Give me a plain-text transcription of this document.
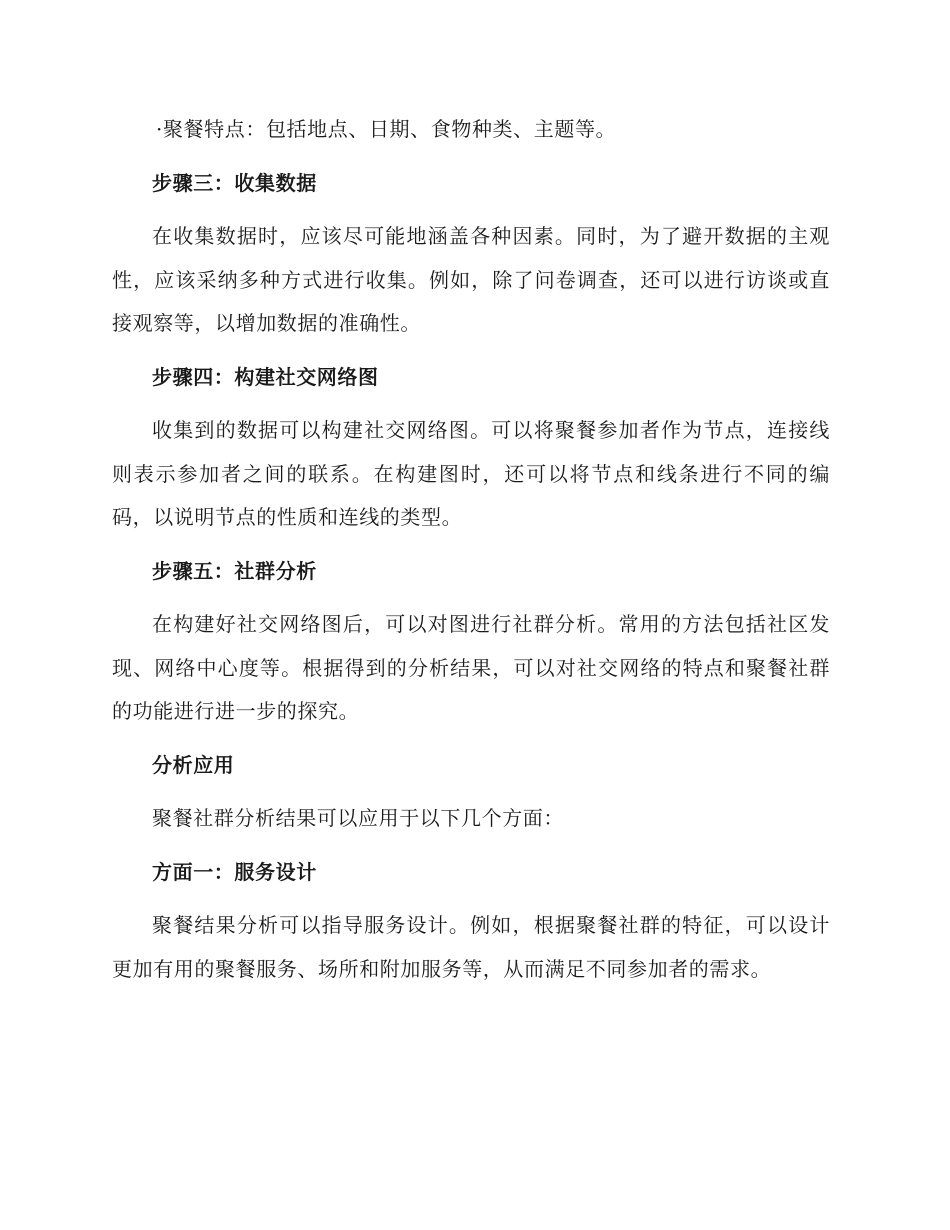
·聚餐特点：包括地点、日期、食物种类、主题等。

步骤三：收集数据

在收集数据时，应该尽可能地涵盖各种因素。同时，为了避开数据的主观性，应该采纳多种方式进行收集。例如，除了问卷调查，还可以进行访谈或直接观察等，以增加数据的准确性。

步骤四：构建社交网络图

收集到的数据可以构建社交网络图。可以将聚餐参加者作为节点，连接线则表示参加者之间的联系。在构建图时，还可以将节点和线条进行不同的编码，以说明节点的性质和连线的类型。

步骤五：社群分析

在构建好社交网络图后，可以对图进行社群分析。常用的方法包括社区发现、网络中心度等。根据得到的分析结果，可以对社交网络的特点和聚餐社群的功能进行进一步的探究。

分析应用

聚餐社群分析结果可以应用于以下几个方面：

方面一：服务设计

聚餐结果分析可以指导服务设计。例如，根据聚餐社群的特征，可以设计更加有用的聚餐服务、场所和附加服务等，从而满足不同参加者的需求。
